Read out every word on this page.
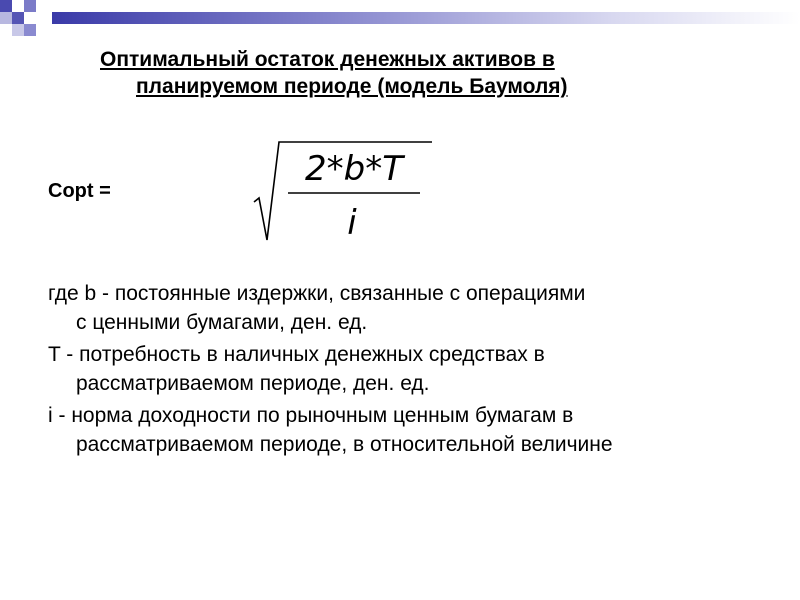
Оптимальный остаток денежных активов в
планируемом периоде (модель Баумоля)
Copt =
2*b*T
i
где b - постоянные издержки, связанные с операциями
с ценными бумагами, ден. ед.
T - потребность в наличных денежных средствах в
рассматриваемом периоде, ден. ед.
i - норма доходности по рыночным ценным бумагам в
рассматриваемом периоде, в относительной величине
